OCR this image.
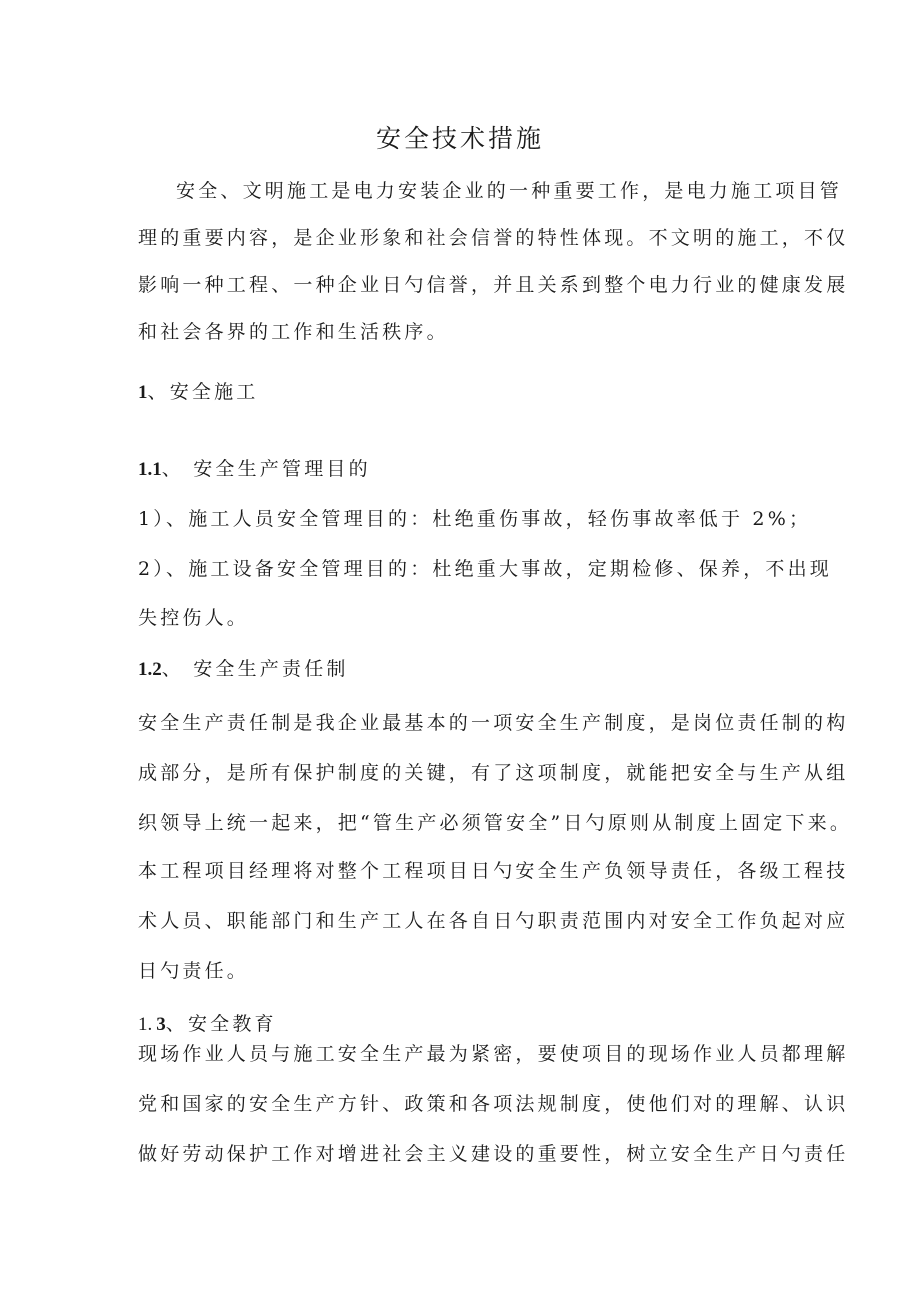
安全技术措施
安全、文明施工是电力安装企业的一种重要工作，是电力施工项目管
理的重要内容，是企业形象和社会信誉的特性体现。不文明的施工，不仅
影响一种工程、一种企业日勺信誉，并且关系到整个电力行业的健康发展
和社会各界的工作和生活秩序。
1、安全施工
1.1、 安全生产管理目的
1）、施工人员安全管理目的：杜绝重伤事故，轻伤事故率低于 2%；
2）、施工设备安全管理目的：杜绝重大事故，定期检修、保养，不出现
失控伤人。
1.2、 安全生产责任制
安全生产责任制是我企业最基本的一项安全生产制度，是岗位责任制的构
成部分，是所有保护制度的关键，有了这项制度，就能把安全与生产从组
织领导上统一起来，把“管生产必须管安全”日勺原则从制度上固定下来。
本工程项目经理将对整个工程项目日勺安全生产负领导责任，各级工程技
术人员、职能部门和生产工人在各自日勺职责范围内对安全工作负起对应
日勺责任。
1. 3、安全教育
现场作业人员与施工安全生产最为紧密，要使项目的现场作业人员都理解
党和国家的安全生产方针、政策和各项法规制度，使他们对的理解、认识
做好劳动保护工作对增进社会主义建设的重要性，树立安全生产日勺责任
